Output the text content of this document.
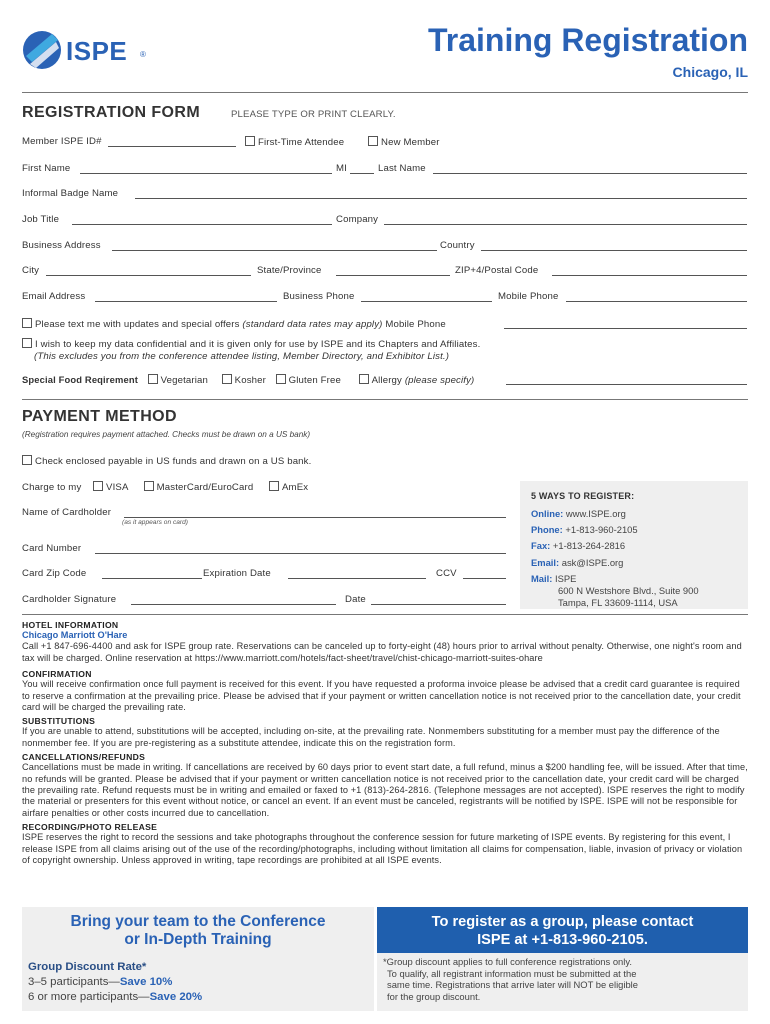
ISPE ®	Training Registration
Chicago, IL
REGISTRATION FORM	PLEASE TYPE OR PRINT CLEARLY.
Member ISPE ID#	First-Time Attendee	New Member
First Name	MI	Last Name
Informal Badge Name
Job Title	Company
Business Address	Country
City	State/Province	ZIP+4/Postal Code
Email Address	Business Phone	Mobile Phone
Please text me with updates and special offers (standard data rates may apply) Mobile Phone
I wish to keep my data confidential and it is given only for use by ISPE and its Chapters and Affiliates.
(This excludes you from the conference attendee listing, Member Directory, and Exhibitor List.)
Special Food Reqirement Vegetarian	Kosher Gluten Free	Allergy (please specify)
PAYMENT METHOD
(Registration requires payment attached. Checks must be drawn on a US bank)
Check enclosed payable in US funds and drawn on a US bank.
Charge to my	VISA	MasterCard/EuroCard	AmEx
Name of Cardholder
(as it appears on card)
Card Number
Card Zip Code	Expiration Date	CCV
Cardholder Signature	Date
5 WAYS TO REGISTER:
Online: www.ISPE.org
Phone: +1-813-960-2105
Fax: +1-813-264-2816
Email: ask@ISPE.org
Mail: ISPE
600 N Westshore Blvd., Suite 900
Tampa, FL 33609-1114, USA
HOTEL INFORMATION
Chicago Marriott O'Hare
Call +1 847-696-4400 and ask for ISPE group rate. Reservations can be canceled up to forty-eight (48) hours prior to arrival without penalty. Otherwise, one night's room and tax will be charged. Online reservation at https://www.marriott.com/hotels/fact-sheet/travel/chist-chicago-marriott-suites-ohare
CONFIRMATION
You will receive confirmation once full payment is received for this event. If you have requested a proforma invoice please be advised that a credit card guarantee is required to reserve a confirmation at the prevailing price. Please be advised that if your payment or written cancellation notice is not received prior to the cancellation date, your credit card will be charged the prevailing rate.
SUBSTITUTIONS
If you are unable to attend, substitutions will be accepted, including on-site, at the prevailing rate. Nonmembers substituting for a member must pay the difference of the nonmember fee. If you are pre-registering as a substitute attendee, indicate this on the registration form.
CANCELLATIONS/REFUNDS
Cancellations must be made in writing. If cancellations are received by 60 days prior to event start date, a full refund, minus a $200 handling fee, will be issued. After that time, no refunds will be granted. Please be advised that if your payment or written cancellation notice is not received prior to the cancellation date, your credit card will be charged the prevailing rate. Refund requests must be in writing and emailed or faxed to +1 (813)-264-2816. (Telephone messages are not accepted). ISPE reserves the right to modify the material or presenters for this event without notice, or cancel an event. If an event must be canceled, registrants will be notified by ISPE. ISPE will not be responsible for airfare penalties or other costs incurred due to cancellation.
RECORDING/PHOTO RELEASE
ISPE reserves the right to record the sessions and take photographs throughout the conference session for future marketing of ISPE events. By registering for this event, I release ISPE from all claims arising out of the use of the recording/photographs, including without limitation all claims for compensation, liable, invasion of privacy or violation of copyright ownership. Unless approved in writing, tape recordings are prohibited at all ISPE events.
Bring your team to the Conference
or In-Depth Training
Group Discount Rate*
3–5 participants—Save 10%
6 or more participants—Save 20%
To register as a group, please contact
ISPE at +1-813-960-2105.
*Group discount applies to full conference registrations only.
To qualify, all registrant information must be submitted at the
same time. Registrations that arrive later will NOT be eligible
for the group discount.
